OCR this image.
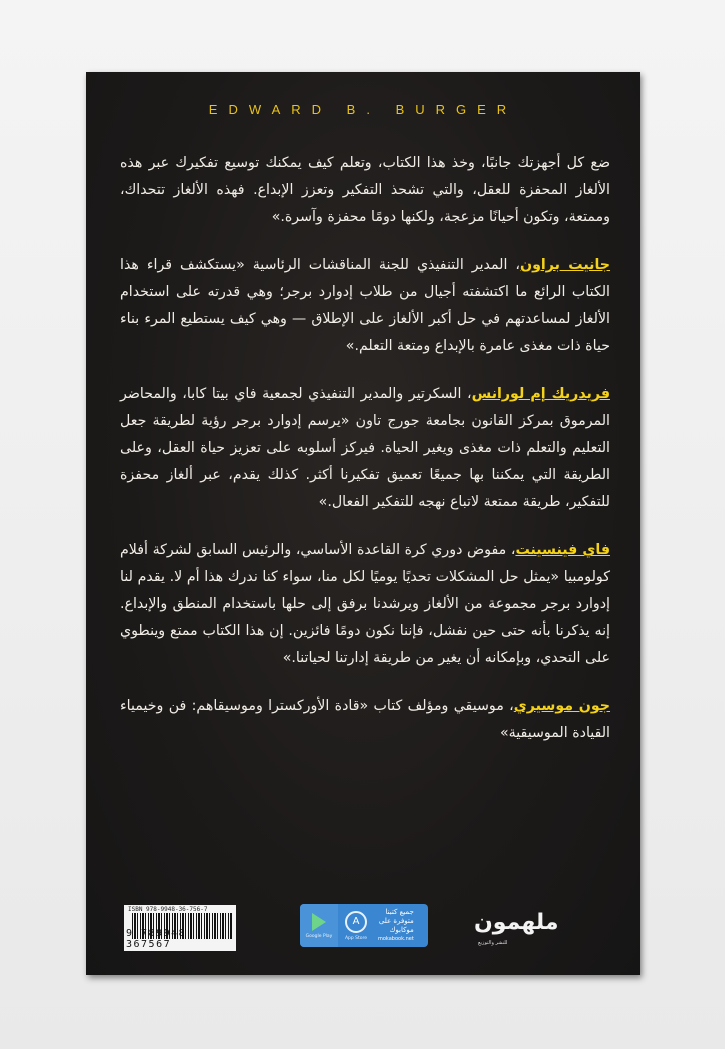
EDWARD B. BURGER

ضع كل أجهزتك جانبًا، وخذ هذا الكتاب، وتعلم كيف يمكنك توسيع تفكيرك عبر هذه الألغاز المحفزة للعقل، والتي تشحذ التفكير وتعزز الإبداع. فهذه الألغاز تتحداك، وممتعة، وتكون أحيانًا مزعجة، ولكنها دومًا محفزة وآسرة.»

جانيت براون، المدير التنفيذي للجنة المناقشات الرئاسية «يستكشف قراء هذا الكتاب الرائع ما اكتشفته أجيال من طلاب إدوارد برجر؛ وهي قدرته على استخدام الألغاز لمساعدتهم في حل أكبر الألغاز على الإطلاق — وهي كيف يستطيع المرء بناء حياة ذات مغذى عامرة بالإبداع ومتعة التعلم.»

فريدريك إم لورانس، السكرتير والمدير التنفيذي لجمعية فاي بيتا كابا، والمحاضر المرموق بمركز القانون بجامعة جورج تاون «يرسم إدوارد برجر رؤية لطريقة جعل التعليم والتعلم ذات مغذى ويغير الحياة. فيركز أسلوبه على تعزيز حياة العقل، وعلى الطريقة التي يمكننا بها جميعًا تعميق تفكيرنا أكثر. كذلك يقدم، عبر ألغاز محفزة للتفكير، طريقة ممتعة لاتباع نهجه للتفكير الفعال.»

فاي فينسينت، مفوض دوري كرة القاعدة الأساسي، والرئيس السابق لشركة أفلام كولومبيا «يمثل حل المشكلات تحديًا يوميًا لكل منا، سواء كنا ندرك هذا أم لا. يقدم لنا إدوارد برجر مجموعة من الألغاز ويرشدنا برفق إلى حلها باستخدام المنطق والإبداع. إنه يذكرنا بأنه حتى حين نفشل، فإننا نكون دومًا فائزين. إن هذا الكتاب ممتع وينطوي على التحدي، وبإمكانه أن يغير من طريقة إدارتنا لحياتنا.»

جون موسيري، موسيقي ومؤلف كتاب «قادة الأوركسترا وموسيقاهم: فن وخيمياء القيادة الموسيقية»

ISBN 978-9948-36-756-7
9 789948 367567
Google Play
A
App Store
جميع كتبنا
متوفرة على
موكابوك
mokabook.net
ملهمون
للنشر والتوزيع
